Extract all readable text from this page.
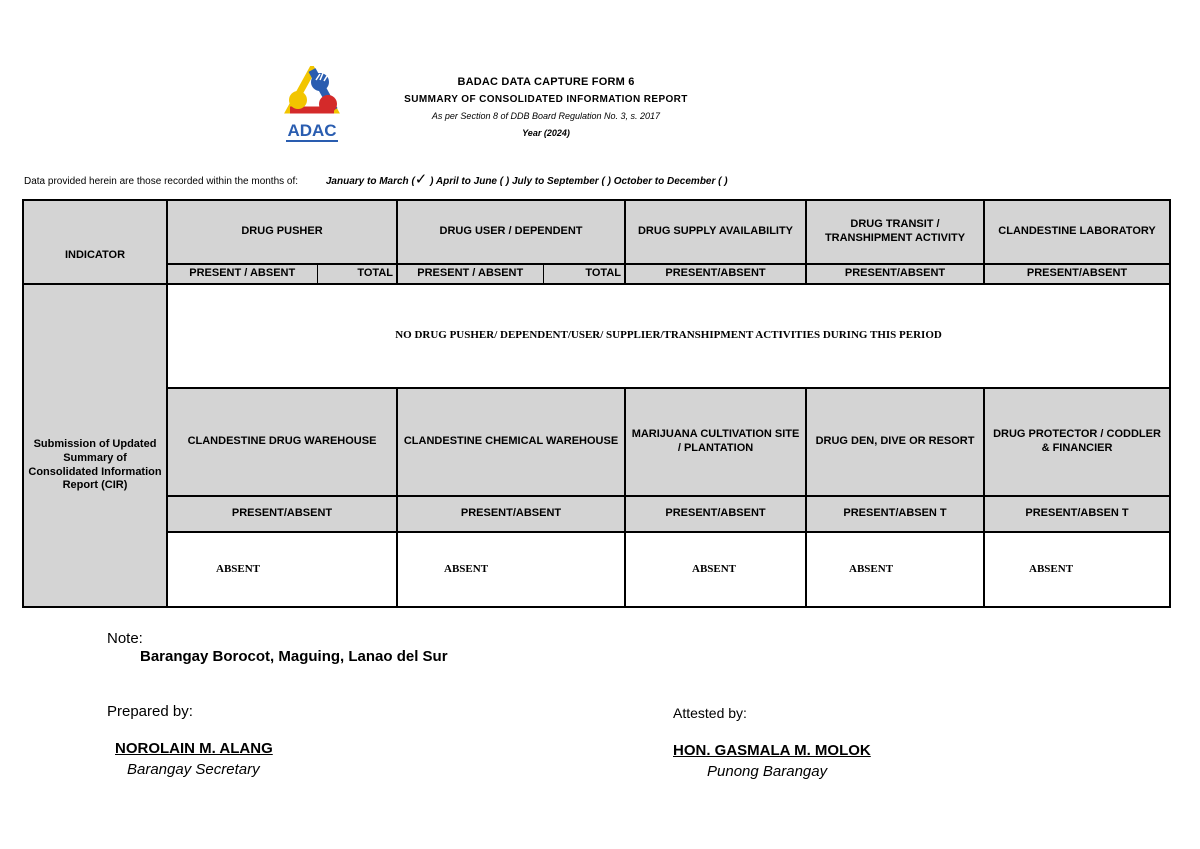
ADAC
BADAC DATA CAPTURE FORM 6
SUMMARY OF CONSOLIDATED INFORMATION REPORT
As per Section 8 of DDB Board Regulation No. 3, s. 2017
Year (2024)
Data provided herein are those recorded within the months of:	January to March (✓ ) April to June ( ) July to September ( ) October to December ( )
INDICATOR	DRUG PUSHER		DRUG USER / DEPENDENT		DRUG SUPPLY AVAILABILITY	DRUG TRANSIT / TRANSHIPMENT ACTIVITY	CLANDESTINE LABORATORY
	PRESENT / ABSENT	TOTAL	PRESENT / ABSENT	TOTAL	PRESENT/ABSENT	PRESENT/ABSENT	PRESENT/ABSENT

Submission of Updated Summary of Consolidated Information Report (CIR)	NO DRUG PUSHER/ DEPENDENT/USER/ SUPPLIER/TRANSHIPMENT ACTIVITIES DURING THIS PERIOD						
	CLANDESTINE DRUG WAREHOUSE		CLANDESTINE CHEMICAL WAREHOUSE		MARIJUANA CULTIVATION SITE / PLANTATION	DRUG DEN, DIVE OR RESORT	DRUG PROTECTOR / CODDLER & FINANCIER
	PRESENT/ABSENT		PRESENT/ABSENT		PRESENT/ABSENT	PRESENT/ABSEN T	PRESENT/ABSEN T
	ABSENT		ABSENT		ABSENT	ABSENT	ABSENT
Note:
Barangay Borocot, Maguing, Lanao del Sur
Prepared by:	Attested by:
NOROLAIN M. ALANG	HON. GASMALA M. MOLOK
Barangay Secretary	Punong Barangay
